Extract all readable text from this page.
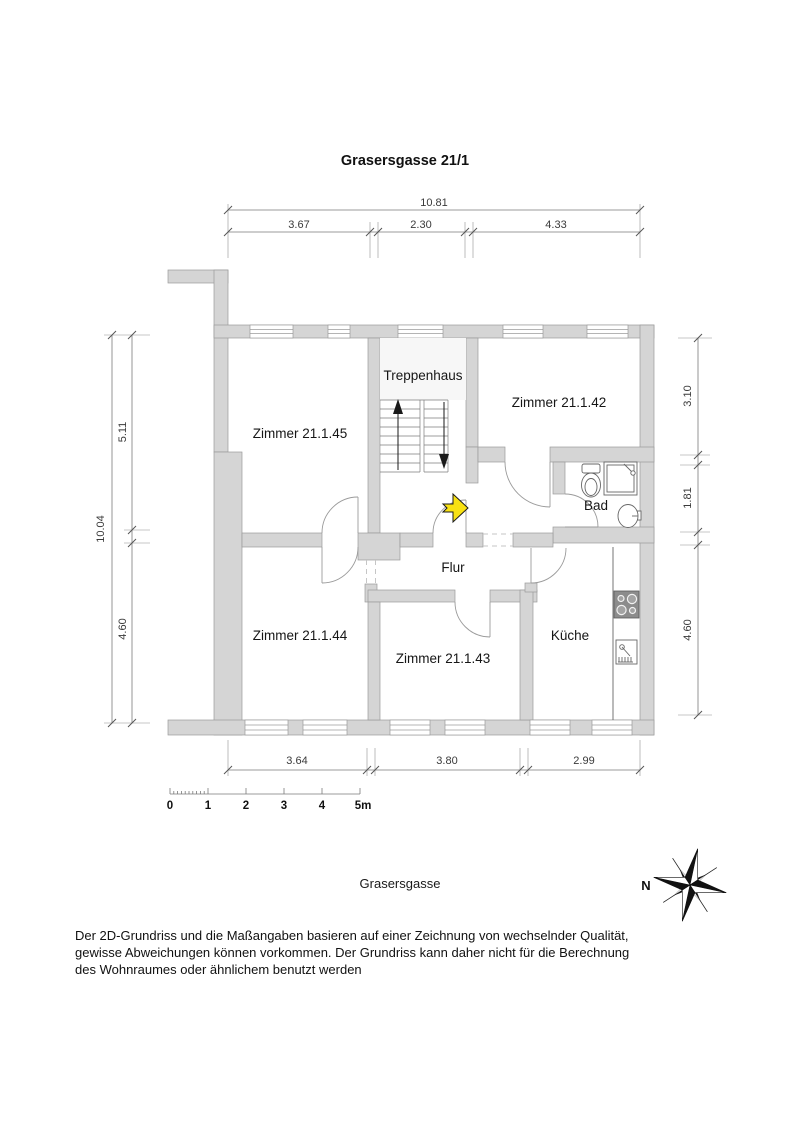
Grasersgasse 21/1
Zimmer 21.1.45
Treppenhaus
Zimmer 21.1.42
Bad
Flur
Zimmer 21.1.44
Zimmer 21.1.43
Küche
10.81
3.67	2.30	4.33
10.04
5.11
4.60
3.10
1.81
4.60
3.64	3.80	2.99
0	1	2	3	4	5m
Grasersgasse	N
Der 2D-Grundriss und die Maßangaben basieren auf einer Zeichnung von wechselnder Qualität,
gewisse Abweichungen können vorkommen. Der Grundriss kann daher nicht für die Berechnung
des Wohnraumes oder ähnlichem benutzt werden
